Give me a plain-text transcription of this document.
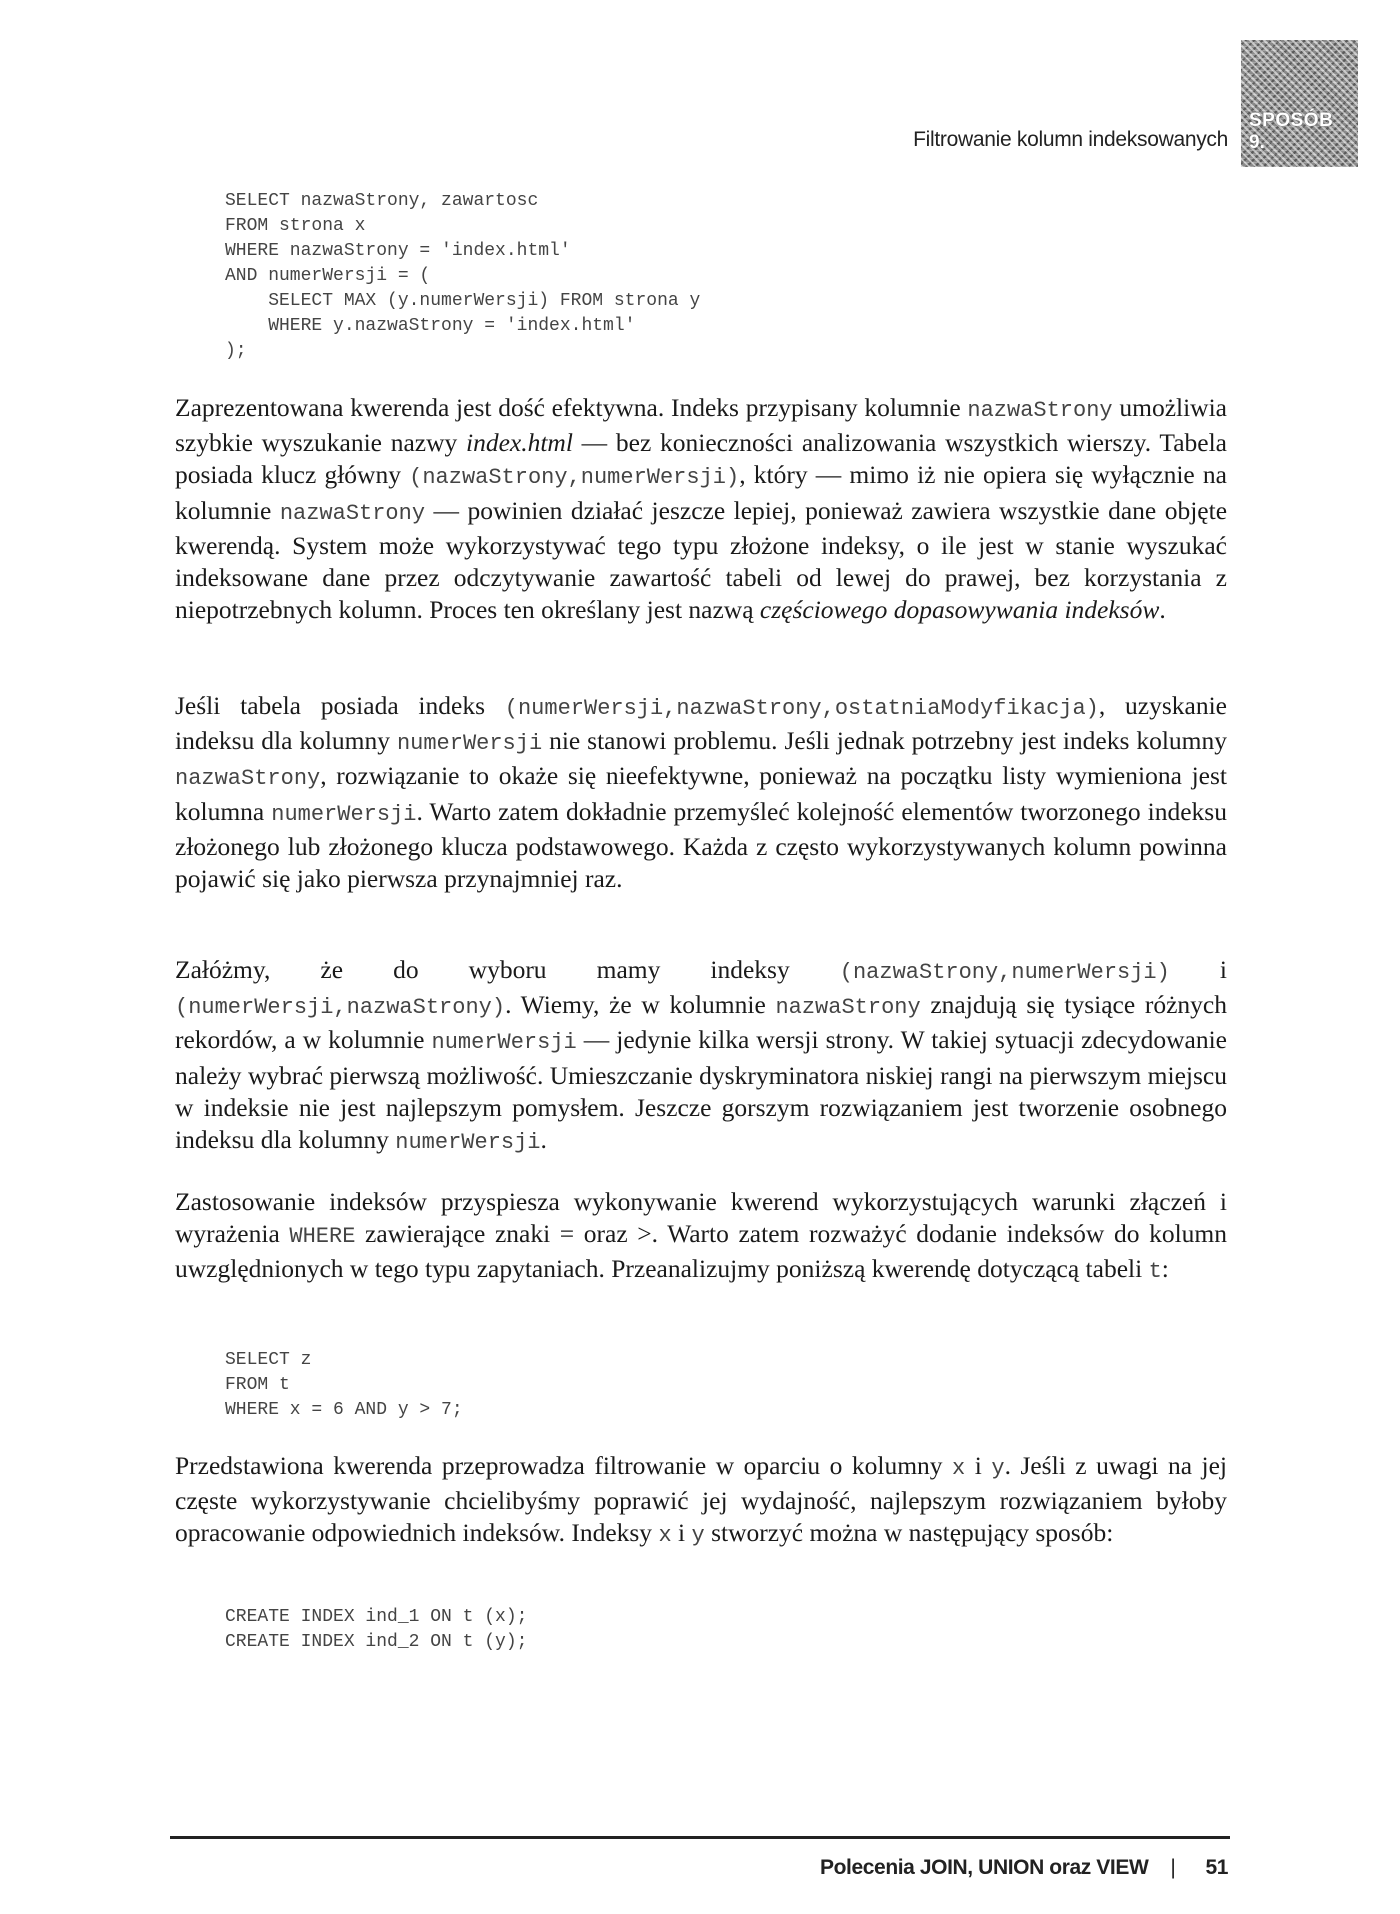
Filtrowanie kolumn indeksowanych
SPOSÓB
9.
SELECT nazwaStrony, zawartosc
FROM strona x
WHERE nazwaStrony = 'index.html'
AND numerWersji = (
SELECT MAX (y.numerWersji) FROM strona y
WHERE y.nazwaStrony = 'index.html'
);

Zaprezentowana kwerenda jest dość efektywna. Indeks przypisany kolumnie nazwaStrony umożliwia szybkie wyszukanie nazwy index.html — bez konieczności analizowania wszystkich wierszy. Tabela posiada klucz główny (nazwaStrony,numerWersji), który — mimo iż nie opiera się wyłącznie na kolumnie nazwaStrony — powinien działać jeszcze lepiej, ponieważ zawiera wszystkie dane objęte kwerendą. System może wykorzystywać tego typu złożone indeksy, o ile jest w stanie wyszukać indeksowane dane przez odczytywanie zawartość tabeli od lewej do prawej, bez korzystania z niepotrzebnych kolumn. Proces ten określany jest nazwą częściowego dopasowywania indeksów.

Jeśli tabela posiada indeks (numerWersji,nazwaStrony,ostatniaModyfikacja), uzyskanie indeksu dla kolumny numerWersji nie stanowi problemu. Jeśli jednak potrzebny jest indeks kolumny nazwaStrony, rozwiązanie to okaże się nieefektywne, ponieważ na początku listy wymieniona jest kolumna numerWersji. Warto zatem dokładnie przemyśleć kolejność elementów tworzonego indeksu złożonego lub złożonego klucza podstawowego. Każda z często wykorzystywanych kolumn powinna pojawić się jako pierwsza przynajmniej raz.

Załóżmy, że do wyboru mamy indeksy (nazwaStrony,numerWersji) i (numerWersji,nazwaStrony). Wiemy, że w kolumnie nazwaStrony znajdują się tysiące różnych rekordów, a w kolumnie numerWersji — jedynie kilka wersji strony. W takiej sytuacji zdecydowanie należy wybrać pierwszą możliwość. Umieszczanie dyskryminatora niskiej rangi na pierwszym miejscu w indeksie nie jest najlepszym pomysłem. Jeszcze gorszym rozwiązaniem jest tworzenie osobnego indeksu dla kolumny numerWersji.

Zastosowanie indeksów przyspiesza wykonywanie kwerend wykorzystujących warunki złączeń i wyrażenia WHERE zawierające znaki = oraz >. Warto zatem rozważyć dodanie indeksów do kolumn uwzględnionych w tego typu zapytaniach. Przeanalizujmy poniższą kwerendę dotyczącą tabeli t:

SELECT z
FROM t
WHERE x = 6 AND y > 7;

Przedstawiona kwerenda przeprowadza filtrowanie w oparciu o kolumny x i y. Jeśli z uwagi na jej częste wykorzystywanie chcielibyśmy poprawić jej wydajność, najlepszym rozwiązaniem byłoby opracowanie odpowiednich indeksów. Indeksy x i y stworzyć można w następujący sposób:

CREATE INDEX ind_1 ON t (x);
CREATE INDEX ind_2 ON t (y);
Polecenia JOIN, UNION oraz VIEW | 51
